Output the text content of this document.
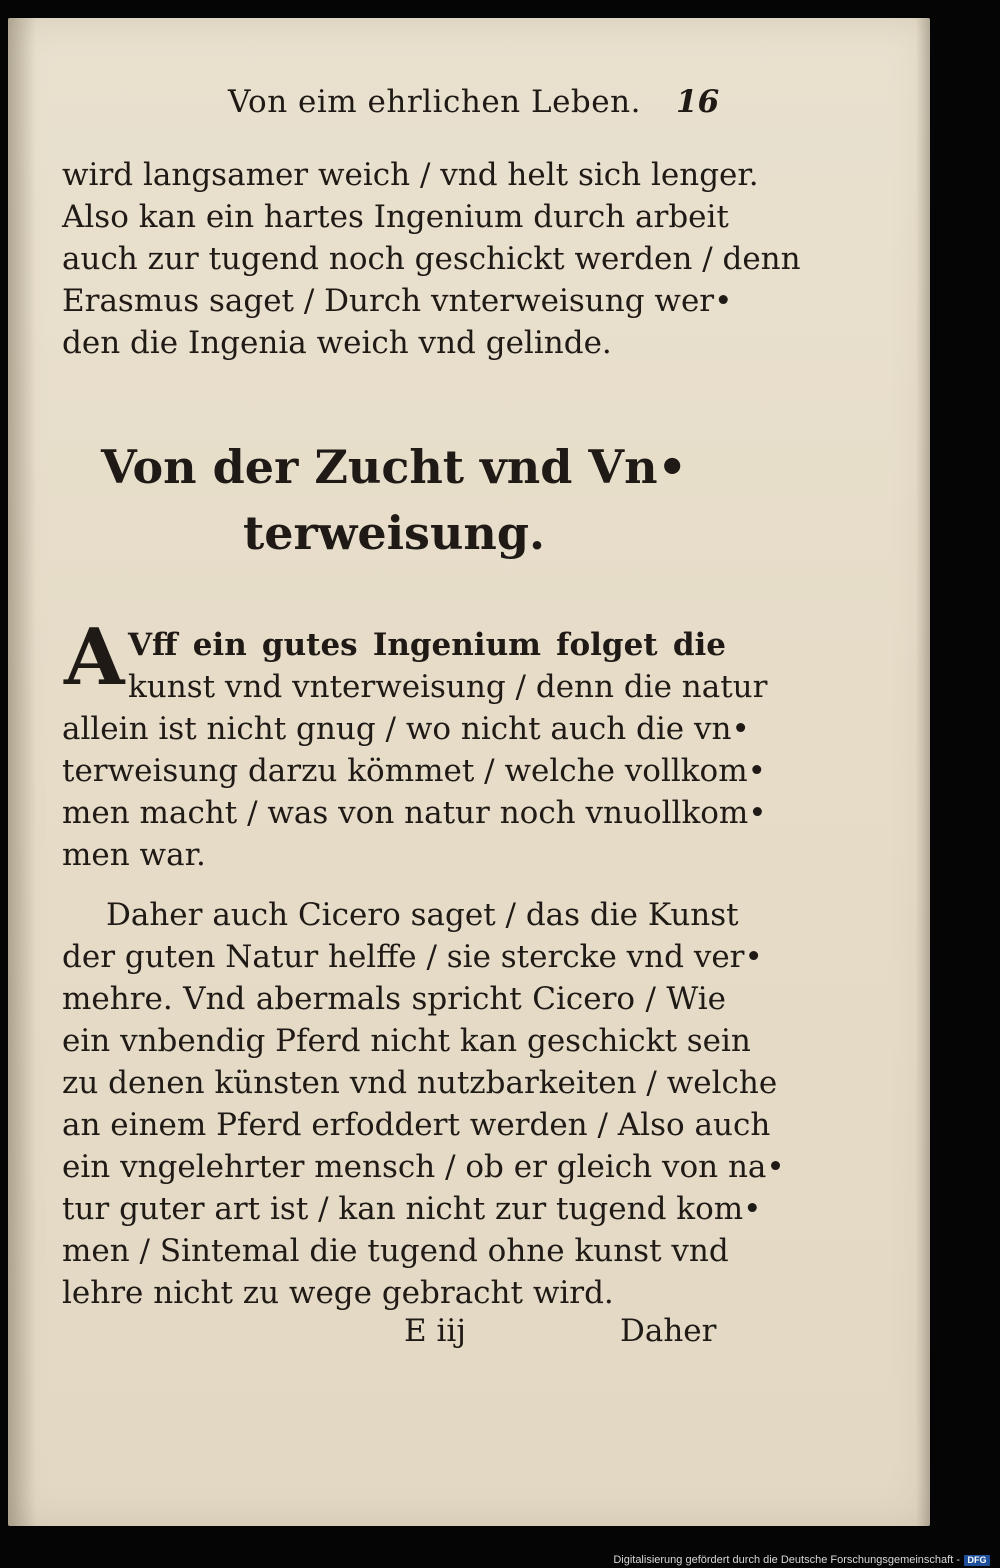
Von eim ehrlichen Leben. 16
wird langsamer weich / vnd helt sich lenger.
Also kan ein hartes Ingenium durch arbeit
auch zur tugend noch geschickt werden / denn
Erasmus saget / Durch vnterweisung wer•
den die Ingenia weich vnd gelinde.
Von der Zucht vnd Vn•
terweisung.
A Vff ein gutes Ingenium folget die
kunst vnd vnterweisung / denn die natur
allein ist nicht gnug / wo nicht auch die vn•
terweisung darzu kömmet / welche vollkom•
men macht / was von natur noch vnuollkom•
men war.
Daher auch Cicero saget / das die Kunst
der guten Natur helffe / sie stercke vnd ver•
mehre. Vnd abermals spricht Cicero / Wie
ein vnbendig Pferd nicht kan geschickt sein
zu denen künsten vnd nutzbarkeiten / welche
an einem Pferd erfoddert werden / Also auch
ein vngelehrter mensch / ob er gleich von na•
tur guter art ist / kan nicht zur tugend kom•
men / Sintemal die tugend ohne kunst vnd
lehre nicht zu wege gebracht wird.
E iij	Daher
Digitalisierung gefördert durch die Deutsche Forschungsgemeinschaft - DFG
